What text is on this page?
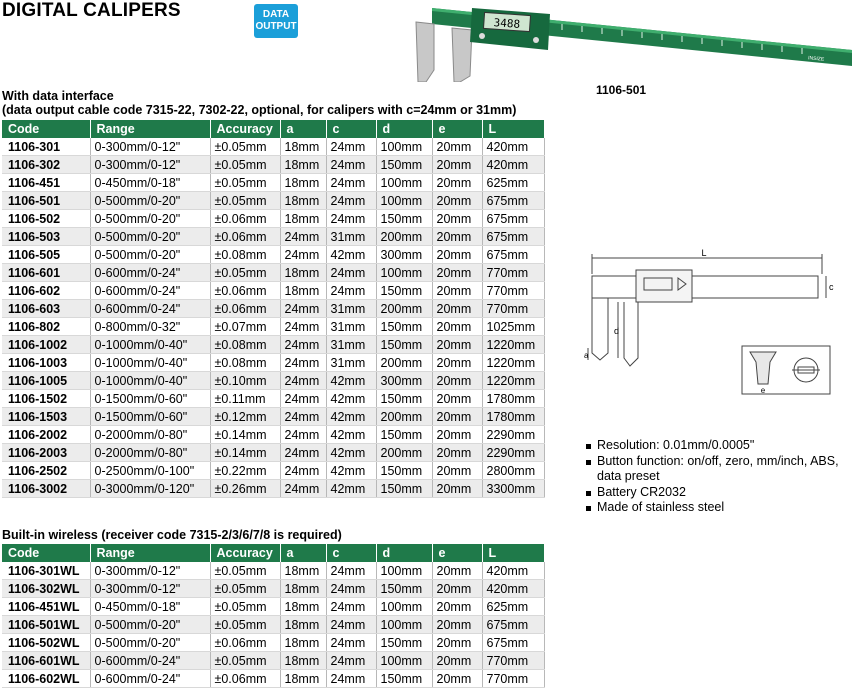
DIGITAL CALIPERS	DATA
OUTPUT	3488
INSIZE
1106-501
With data interface
(data output cable code 7315-22, 7302-22, optional, for calipers with c=24mm or 31mm)
Code	Range	Accuracy	a	c	d	e	L
1106-301	0-300mm/0-12"	±0.05mm	18mm	24mm	100mm	20mm	420mm
1106-302	0-300mm/0-12"	±0.05mm	18mm	24mm	150mm	20mm	420mm
1106-451	0-450mm/0-18"	±0.05mm	18mm	24mm	100mm	20mm	625mm
1106-501	0-500mm/0-20"	±0.05mm	18mm	24mm	100mm	20mm	675mm
1106-502	0-500mm/0-20"	±0.06mm	18mm	24mm	150mm	20mm	675mm
1106-503	0-500mm/0-20"	±0.06mm	24mm	31mm	200mm	20mm	675mm
1106-505	0-500mm/0-20"	±0.08mm	24mm	42mm	300mm	20mm	675mm
1106-601	0-600mm/0-24"	±0.05mm	18mm	24mm	100mm	20mm	770mm
1106-602	0-600mm/0-24"	±0.06mm	18mm	24mm	150mm	20mm	770mm
1106-603	0-600mm/0-24"	±0.06mm	24mm	31mm	200mm	20mm	770mm
1106-802	0-800mm/0-32"	±0.07mm	24mm	31mm	150mm	20mm	1025mm
1106-1002	0-1000mm/0-40"	±0.08mm	24mm	31mm	150mm	20mm	1220mm
1106-1003	0-1000mm/0-40"	±0.08mm	24mm	31mm	200mm	20mm	1220mm
1106-1005	0-1000mm/0-40"	±0.10mm	24mm	42mm	300mm	20mm	1220mm
1106-1502	0-1500mm/0-60"	±0.11mm	24mm	42mm	150mm	20mm	1780mm
1106-1503	0-1500mm/0-60"	±0.12mm	24mm	42mm	200mm	20mm	1780mm
1106-2002	0-2000mm/0-80"	±0.14mm	24mm	42mm	150mm	20mm	2290mm
1106-2003	0-2000mm/0-80"	±0.14mm	24mm	42mm	200mm	20mm	2290mm
1106-2502	0-2500mm/0-100"	±0.22mm	24mm	42mm	150mm	20mm	2800mm
1106-3002	0-3000mm/0-120"	±0.26mm	24mm	42mm	150mm	20mm	3300mm
Built-in wireless (receiver code 7315-2/3/6/7/8 is required)
Code	Range	Accuracy	a	c	d	e	L
1106-301WL	0-300mm/0-12"	±0.05mm	18mm	24mm	100mm	20mm	420mm
1106-302WL	0-300mm/0-12"	±0.05mm	18mm	24mm	150mm	20mm	420mm
1106-451WL	0-450mm/0-18"	±0.05mm	18mm	24mm	100mm	20mm	625mm
1106-501WL	0-500mm/0-20"	±0.05mm	18mm	24mm	100mm	20mm	675mm
1106-502WL	0-500mm/0-20"	±0.06mm	18mm	24mm	150mm	20mm	675mm
1106-601WL	0-600mm/0-24"	±0.05mm	18mm	24mm	100mm	20mm	770mm
1106-602WL	0-600mm/0-24"	±0.06mm	18mm	24mm	150mm	20mm	770mm
L
d
c
a
e
Resolution: 0.01mm/0.0005"
Button function: on/off, zero, mm/inch, ABS, data preset
Battery CR2032
Made of stainless steel
